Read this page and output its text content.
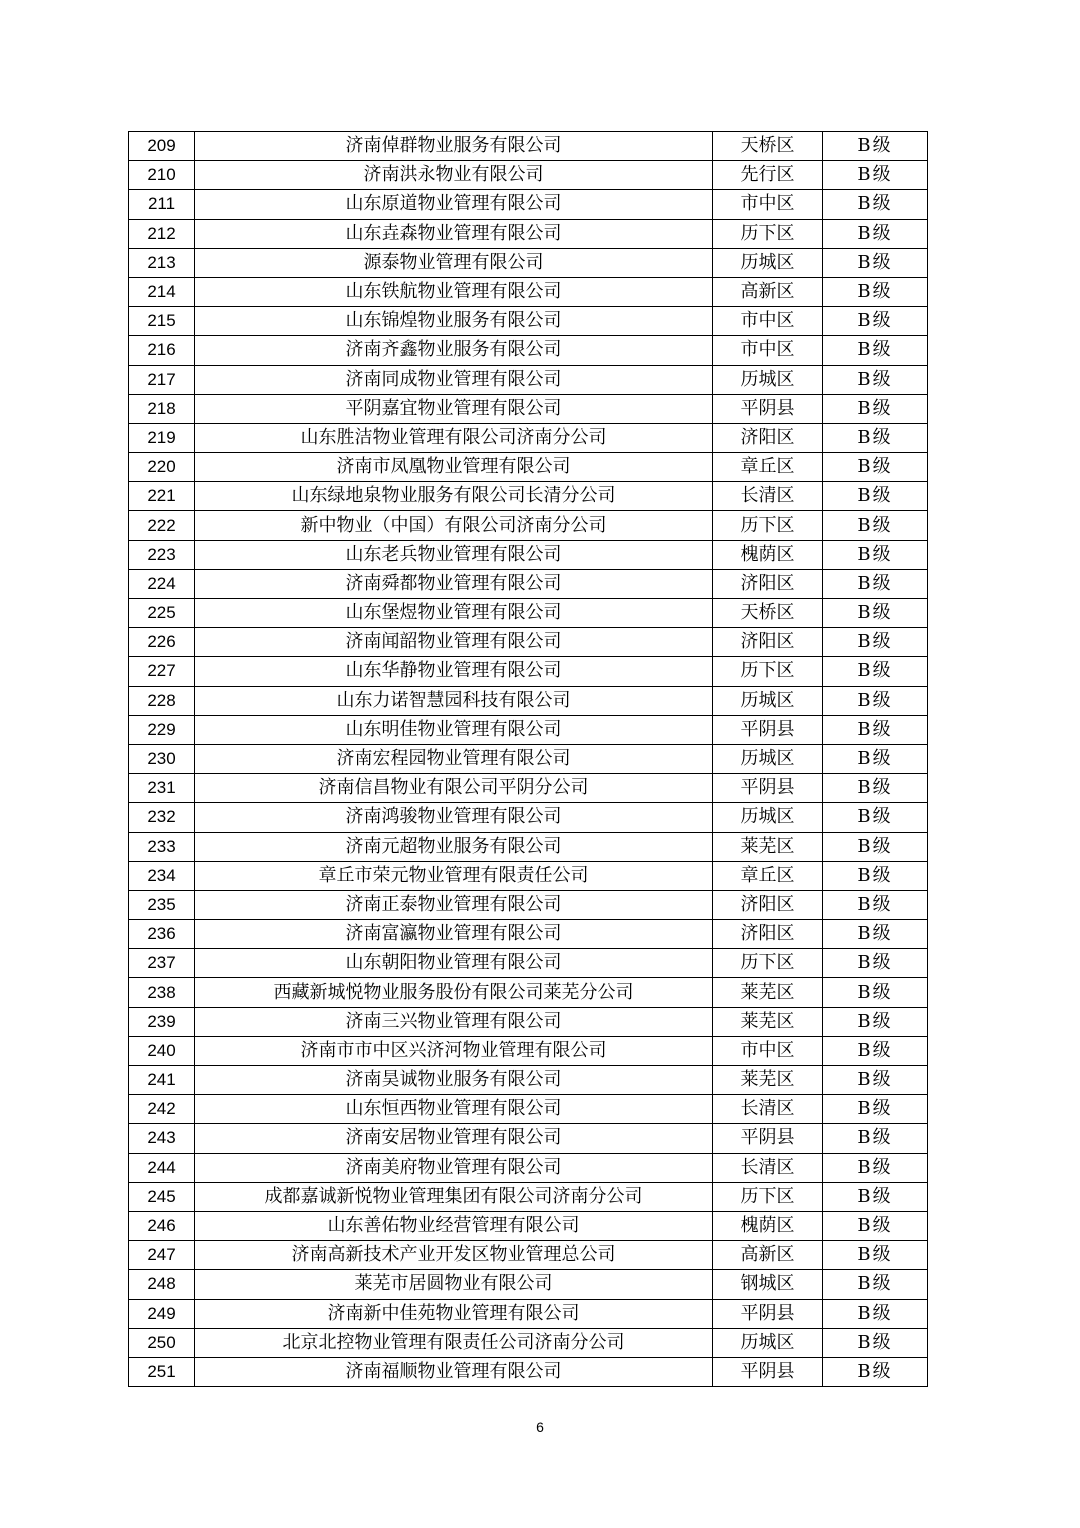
209	济南倬群物业服务有限公司	天桥区	B级
210	济南洪永物业有限公司	先行区	B级
211	山东原道物业管理有限公司	市中区	B级
212	山东垚森物业管理有限公司	历下区	B级
213	源泰物业管理有限公司	历城区	B级
214	山东铁航物业管理有限公司	高新区	B级
215	山东锦煌物业服务有限公司	市中区	B级
216	济南齐鑫物业服务有限公司	市中区	B级
217	济南同成物业管理有限公司	历城区	B级
218	平阴嘉宜物业管理有限公司	平阴县	B级
219	山东胜洁物业管理有限公司济南分公司	济阳区	B级
220	济南市凤凰物业管理有限公司	章丘区	B级
221	山东绿地泉物业服务有限公司长清分公司	长清区	B级
222	新中物业（中国）有限公司济南分公司	历下区	B级
223	山东老兵物业管理有限公司	槐荫区	B级
224	济南舜都物业管理有限公司	济阳区	B级
225	山东堡煜物业管理有限公司	天桥区	B级
226	济南闻韶物业管理有限公司	济阳区	B级
227	山东华静物业管理有限公司	历下区	B级
228	山东力诺智慧园科技有限公司	历城区	B级
229	山东明佳物业管理有限公司	平阴县	B级
230	济南宏程园物业管理有限公司	历城区	B级
231	济南信昌物业有限公司平阴分公司	平阴县	B级
232	济南鸿骏物业管理有限公司	历城区	B级
233	济南元超物业服务有限公司	莱芜区	B级
234	章丘市荣元物业管理有限责任公司	章丘区	B级
235	济南正泰物业管理有限公司	济阳区	B级
236	济南富瀛物业管理有限公司	济阳区	B级
237	山东朝阳物业管理有限公司	历下区	B级
238	西藏新城悦物业服务股份有限公司莱芜分公司	莱芜区	B级
239	济南三兴物业管理有限公司	莱芜区	B级
240	济南市市中区兴济河物业管理有限公司	市中区	B级
241	济南昊诚物业服务有限公司	莱芜区	B级
242	山东恒西物业管理有限公司	长清区	B级
243	济南安居物业管理有限公司	平阴县	B级
244	济南美府物业管理有限公司	长清区	B级
245	成都嘉诚新悦物业管理集团有限公司济南分公司	历下区	B级
246	山东善佑物业经营管理有限公司	槐荫区	B级
247	济南高新技术产业开发区物业管理总公司	高新区	B级
248	莱芜市居圆物业有限公司	钢城区	B级
249	济南新中佳苑物业管理有限公司	平阴县	B级
250	北京北控物业管理有限责任公司济南分公司	历城区	B级
251	济南福顺物业管理有限公司	平阴县	B级
6
